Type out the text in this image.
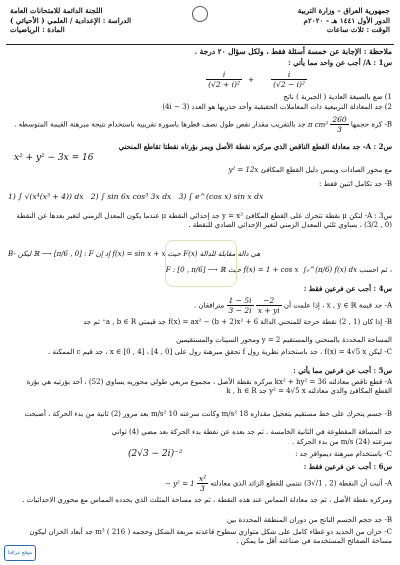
جمهورية العراق – وزارة التربية
الدور الأول ١٤٤١ هـ - ٢٠٢٠م
الوقت : ثلاث ساعات
اللجنة الدائمة للامتحانات العامة
الدراسة : الإعدادية / العلمي ( الأحيائي )
المادة : الرياضيات
ملاحظة : الإجابة عن خمسة أسئلة فقط ، ولكل سؤال ٢٠ درجة .
س1 : A/ أجب عن واحد مما يأتي :
$\frac{i}{\text{(√2 + i)²}} + \frac{i}{\text{(√2 − i)²}}$
1) ضع بالصيغة العادية ( الجبرية ) ناتج
2) جد المعادلة التربيعية ذات المعاملات الحقيقية وأحد جذريها هو العدد (3 − 4i)
B- كرة حجمها
$\frac{260}{3}$
π cm³ جد بالتقريب مقدار نقص طول نصف قطرها باسورة تقريبية باستخدام نتيجة مبرهنة القيمة المتوسطة .
س2 : A- جد معادلة القطع الناقص الذي مركزه نقطة الأصل ويمر بؤرتاه نقطتا تقاطع المنحني
x² + y² − 3x = 16
مع محور الصادات ويمس دليل القطع المكافئ y² = 12x
B- جد تكامل اثنين فقط :
1) ∫ √(x⁴(x³ + 4)) dx 2) ∫ sin 6x cos³ 3x dx 3) ∫ e^(cos x) sin x dx
س3 : A- لتكن μ نقطة تتحرك على القطع المكافئ y = x² جد إحداثي النقطة μ عندما يكون المعدل الزمني لتغير بعدها عن النقطة (0 , 3/2) ، يساوي ثلثي المعدل الزمني لتغير الإحداثي الصادي للنقطة .
B- ليكن ℝ ⟶ [π/6 , 0] : F إذ إن f(x) = sin x + x حيث F(x) هي دالة مقابلة للدالة
، ثم احسب ∫₀^(π/6) f(x) dx  F : [0 , π/6] ⟶ ℝ حيث f(x) = 1 + cos x
س4 : أجب عن فرعين فقط :
A- جد قيمة x , y ∈ ℝ ، إذا علمت أن
$\frac{-2}{x + yi}$

$\frac{1 - 5i}{3 - 2i}$
مترافقان .
B- إذا كان (1 , 2) نقطة حرجة للمنحني الدالة f(x) = ax² − (b + 2)x² + 6 جد قيمتي a , b ∈ R⁺ ثم جد
المساحة المحددة بالمنحني والمستقيم y = 2 ومحور السينات والمستقيمين
C- ليكن f(x) = 4√5 x ، جد باستخدام نظرية رول f تحقق مبرهنة رول على [0 , 4] ، x ∈ [0 , 4] ، جد قيم c الممكنة .
س5 : أجب عن فرعين مما يأتي :
A- قطع ناقص معادلته kx² + hy² = 36 مركزه نقطة الأصل ، مجموع مربعي طولي محوريه يساوي (52) ، أحد بؤرتيه هي بؤرة القطع المكافئ والذي معادلته y² = 4√5 x جد k , h ∈ R
B- جسم يتحرك على خط مستقيم بتعجيل مقداره 18 m/s² وكانت سرعته 10 m/s² بعد مرور (2) ثانية من بدء الحركة ، أصبحت
جد المسافة المقطوعة في الثانية الخامسة . ثم جد بعده عن نقطة بدء الحركة بعد مضي (4) ثواني
سرعته (24) m/s من بدء الحركة .
C- باستخدام مبرهنة ديموافر جد :
(2√3 − 2i)⁻²
س6 : أجب عن فرعين فقط :
A- أثبت أن النقطة (2 , 1/√3) تنتمي للقطع الزائد الذي معادلته
$\frac{\text{x²}}{3}$
− y² = 1
ومركزه نقطة الأصل ، ثم جد معادلة المماس عند هذه النقطة ، ثم جد مساحة المثلث الذي يحدده المماس مع محوري الاحداثيات .
B- جد حجم الجسم الناتج من دوران المنطقة المحددة بين
C- خزان من الحديد ذو غطاء كامل على شكل متوازي سطوح قاعدته مربعة الشكل وحجمه ( 216 ) m³ جد أبعاد الخزان ليكون مساحة الصفائح المستخدمة في صناعته أقل ما يمكن .
موقع عراقنا
